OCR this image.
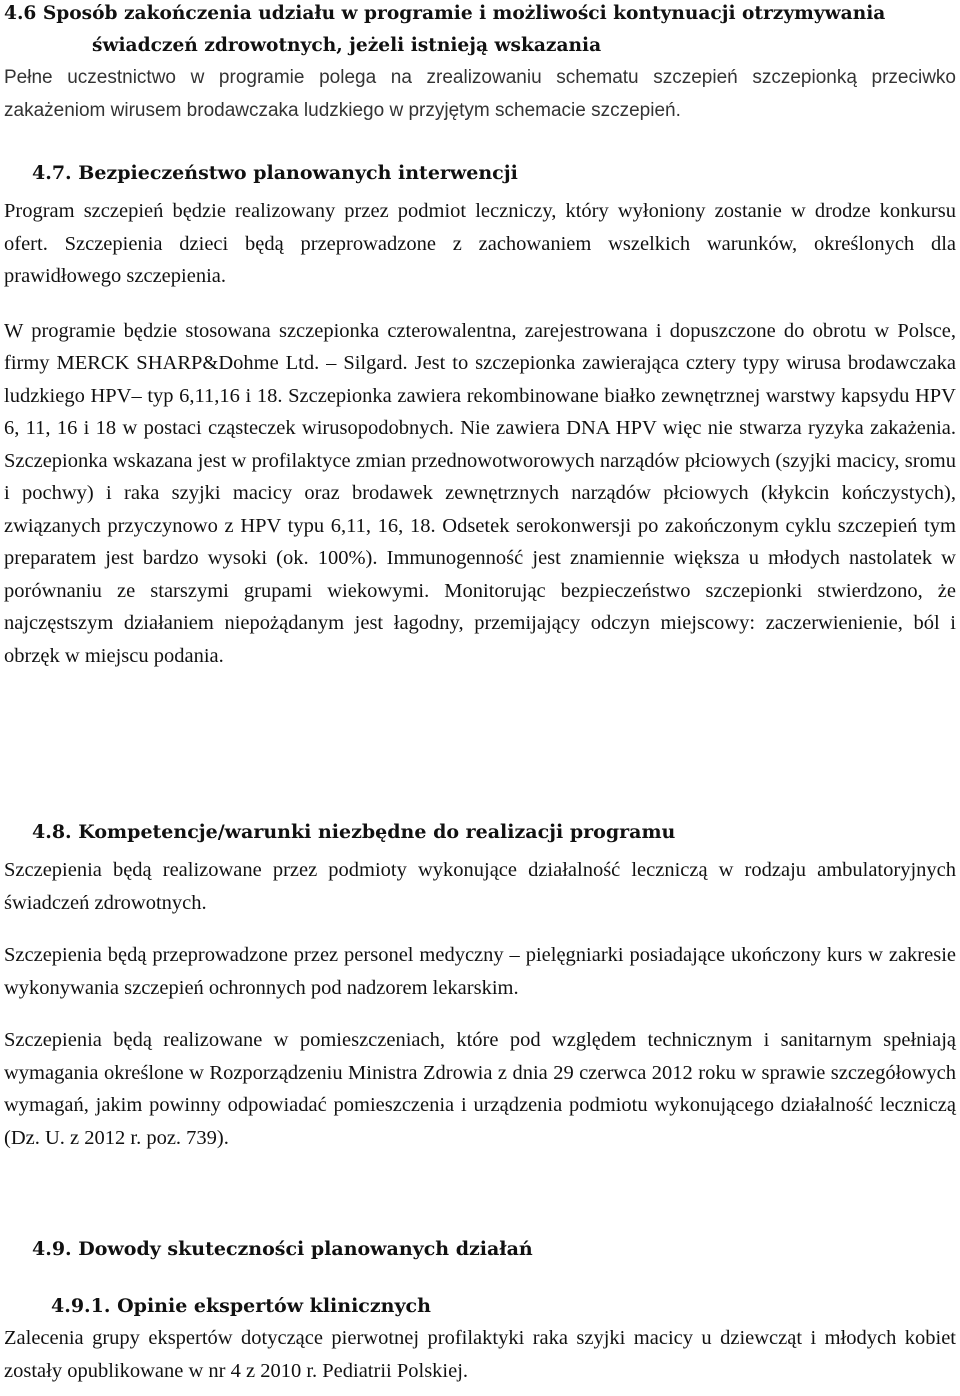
4.6 Sposób zakończenia udziału w programie i możliwości kontynuacji otrzymywania

świadczeń zdrowotnych, jeżeli istnieją wskazania

Pełne uczestnictwo w programie polega na zrealizowaniu schematu szczepień szczepionką przeciwko zakażeniom wirusem brodawczaka ludzkiego w przyjętym schemacie szczepień.

4.7. Bezpieczeństwo planowanych interwencji

Program szczepień będzie realizowany przez podmiot leczniczy, który wyłoniony zostanie w drodze konkursu ofert. Szczepienia dzieci będą przeprowadzone z zachowaniem wszelkich warunków, określonych dla prawidłowego szczepienia.

W programie będzie stosowana szczepionka czterowalentna, zarejestrowana i dopuszczone do obrotu w Polsce, firmy MERCK SHARP&Dohme Ltd. – Silgard. Jest to szczepionka zawierająca cztery typy wirusa brodawczaka ludzkiego HPV– typ 6,11,16 i 18. Szczepionka zawiera rekombinowane białko zewnętrznej warstwy kapsydu HPV 6, 11, 16 i 18 w postaci cząsteczek wirusopodobnych. Nie zawiera DNA HPV więc nie stwarza ryzyka zakażenia. Szczepionka wskazana jest w profilaktyce zmian przednowotworowych narządów płciowych (szyjki macicy, sromu i pochwy) i raka szyjki macicy oraz brodawek zewnętrznych narządów płciowych (kłykcin kończystych), związanych przyczynowo z HPV typu 6,11, 16, 18. Odsetek serokonwersji po zakończonym cyklu szczepień tym preparatem jest bardzo wysoki (ok. 100%). Immunogenność jest znamiennie większa u młodych nastolatek w porównaniu ze starszymi grupami wiekowymi. Monitorując bezpieczeństwo szczepionki stwierdzono, że najczęstszym działaniem niepożądanym jest łagodny, przemijający odczyn miejscowy: zaczerwienienie, ból i obrzęk w miejscu podania.

4.8. Kompetencje/warunki niezbędne do realizacji programu

Szczepienia będą realizowane przez podmioty wykonujące działalność leczniczą w rodzaju ambulatoryjnych świadczeń zdrowotnych.

Szczepienia będą przeprowadzone przez personel medyczny – pielęgniarki posiadające ukończony kurs w zakresie wykonywania szczepień ochronnych pod nadzorem lekarskim.

Szczepienia będą realizowane w pomieszczeniach, które pod względem technicznym i sanitarnym spełniają wymagania określone w Rozporządzeniu Ministra Zdrowia z dnia 29 czerwca 2012 roku w sprawie szczegółowych wymagań, jakim powinny odpowiadać pomieszczenia i urządzenia podmiotu wykonującego działalność leczniczą (Dz. U. z 2012 r. poz. 739).

4.9. Dowody skuteczności planowanych działań

4.9.1. Opinie ekspertów klinicznych

Zalecenia grupy ekspertów dotyczące pierwotnej profilaktyki raka szyjki macicy u dziewcząt i młodych kobiet zostały opublikowane w nr 4 z 2010 r. Pediatrii Polskiej.
